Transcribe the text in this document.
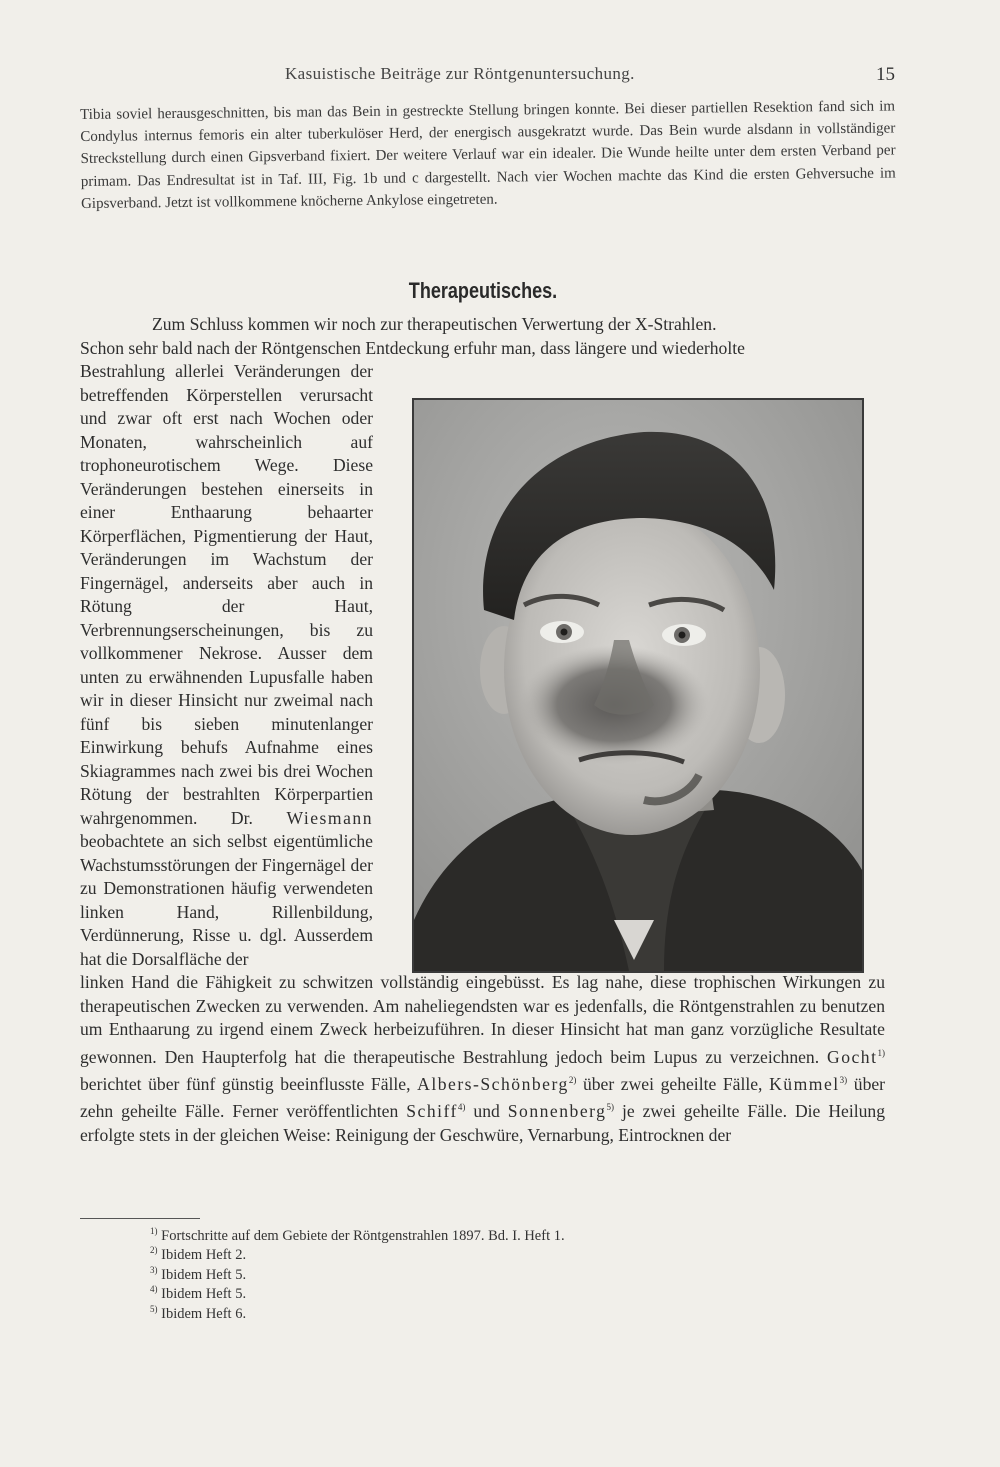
Kasuistische Beiträge zur Röntgenuntersuchung.	15

Tibia soviel herausgeschnitten, bis man das Bein in gestreckte Stellung bringen konnte. Bei dieser partiellen Resektion fand sich im Condylus internus femoris ein alter tuberkulöser Herd, der energisch ausgekratzt wurde. Das Bein wurde alsdann in vollständiger Streckstellung durch einen Gipsverband fixiert. Der weitere Verlauf war ein idealer. Die Wunde heilte unter dem ersten Verband per primam. Das Endresultat ist in Taf. III, Fig. 1b und c dargestellt. Nach vier Wochen machte das Kind die ersten Gehversuche im Gipsverband. Jetzt ist vollkommene knöcherne Ankylose eingetreten.

Therapeutisches.

Zum Schluss kommen wir noch zur therapeutischen Verwertung der X-Strahlen.

Schon sehr bald nach der Röntgenschen Entdeckung erfuhr man, dass längere und wiederholte

Bestrahlung allerlei Veränderungen der betreffenden Körperstellen verursacht und zwar oft erst nach Wochen oder Monaten, wahrscheinlich auf trophoneurotischem Wege. Diese Veränderungen bestehen einerseits in einer Enthaarung behaarter Körperflächen, Pigmentierung der Haut, Veränderungen im Wachstum der Fingernägel, anderseits aber auch in Rötung der Haut, Verbrennungserscheinungen, bis zu vollkommener Nekrose. Ausser dem unten zu erwähnenden Lupusfalle haben wir in dieser Hinsicht nur zweimal nach fünf bis sieben minutenlanger Einwirkung behufs Aufnahme eines Skiagrammes nach zwei bis drei Wochen Rötung der bestrahlten Körperpartien wahrgenommen. Dr. Wiesmann beobachtete an sich selbst eigentümliche Wachstumsstörungen der Fingernägel der zu Demonstrationen häufig verwendeten linken Hand, Rillenbildung, Verdünnerung, Risse u. dgl. Ausserdem hat die Dorsalfläche der

linken Hand die Fähigkeit zu schwitzen vollständig eingebüsst. Es lag nahe, diese trophischen Wirkungen zu therapeutischen Zwecken zu verwenden. Am naheliegendsten war es jedenfalls, die Röntgenstrahlen zu benutzen um Enthaarung zu irgend einem Zweck herbeizuführen. In dieser Hinsicht hat man ganz vorzügliche Resultate gewonnen. Den Haupterfolg hat die therapeutische Bestrahlung jedoch beim Lupus zu verzeichnen. Gocht$^{1)}$ berichtet über fünf günstig beeinflusste Fälle, Albers-Schönberg$^{2)}$ über zwei geheilte Fälle, Kümmel$^{3)}$ über zehn geheilte Fälle. Ferner veröffentlichten Schiff$^{4)}$ und Sonnenberg$^{5)}$ je zwei geheilte Fälle. Die Heilung erfolgte stets in der gleichen Weise: Reinigung der Geschwüre, Vernarbung, Eintrocknen der

$^{1)}$ Fortschritte auf dem Gebiete der Röntgenstrahlen 1897. Bd. I. Heft 1.

$^{2)}$ Ibidem Heft 2.

$^{3)}$ Ibidem Heft 5.

$^{4)}$ Ibidem Heft 5.

$^{5)}$ Ibidem Heft 6.
